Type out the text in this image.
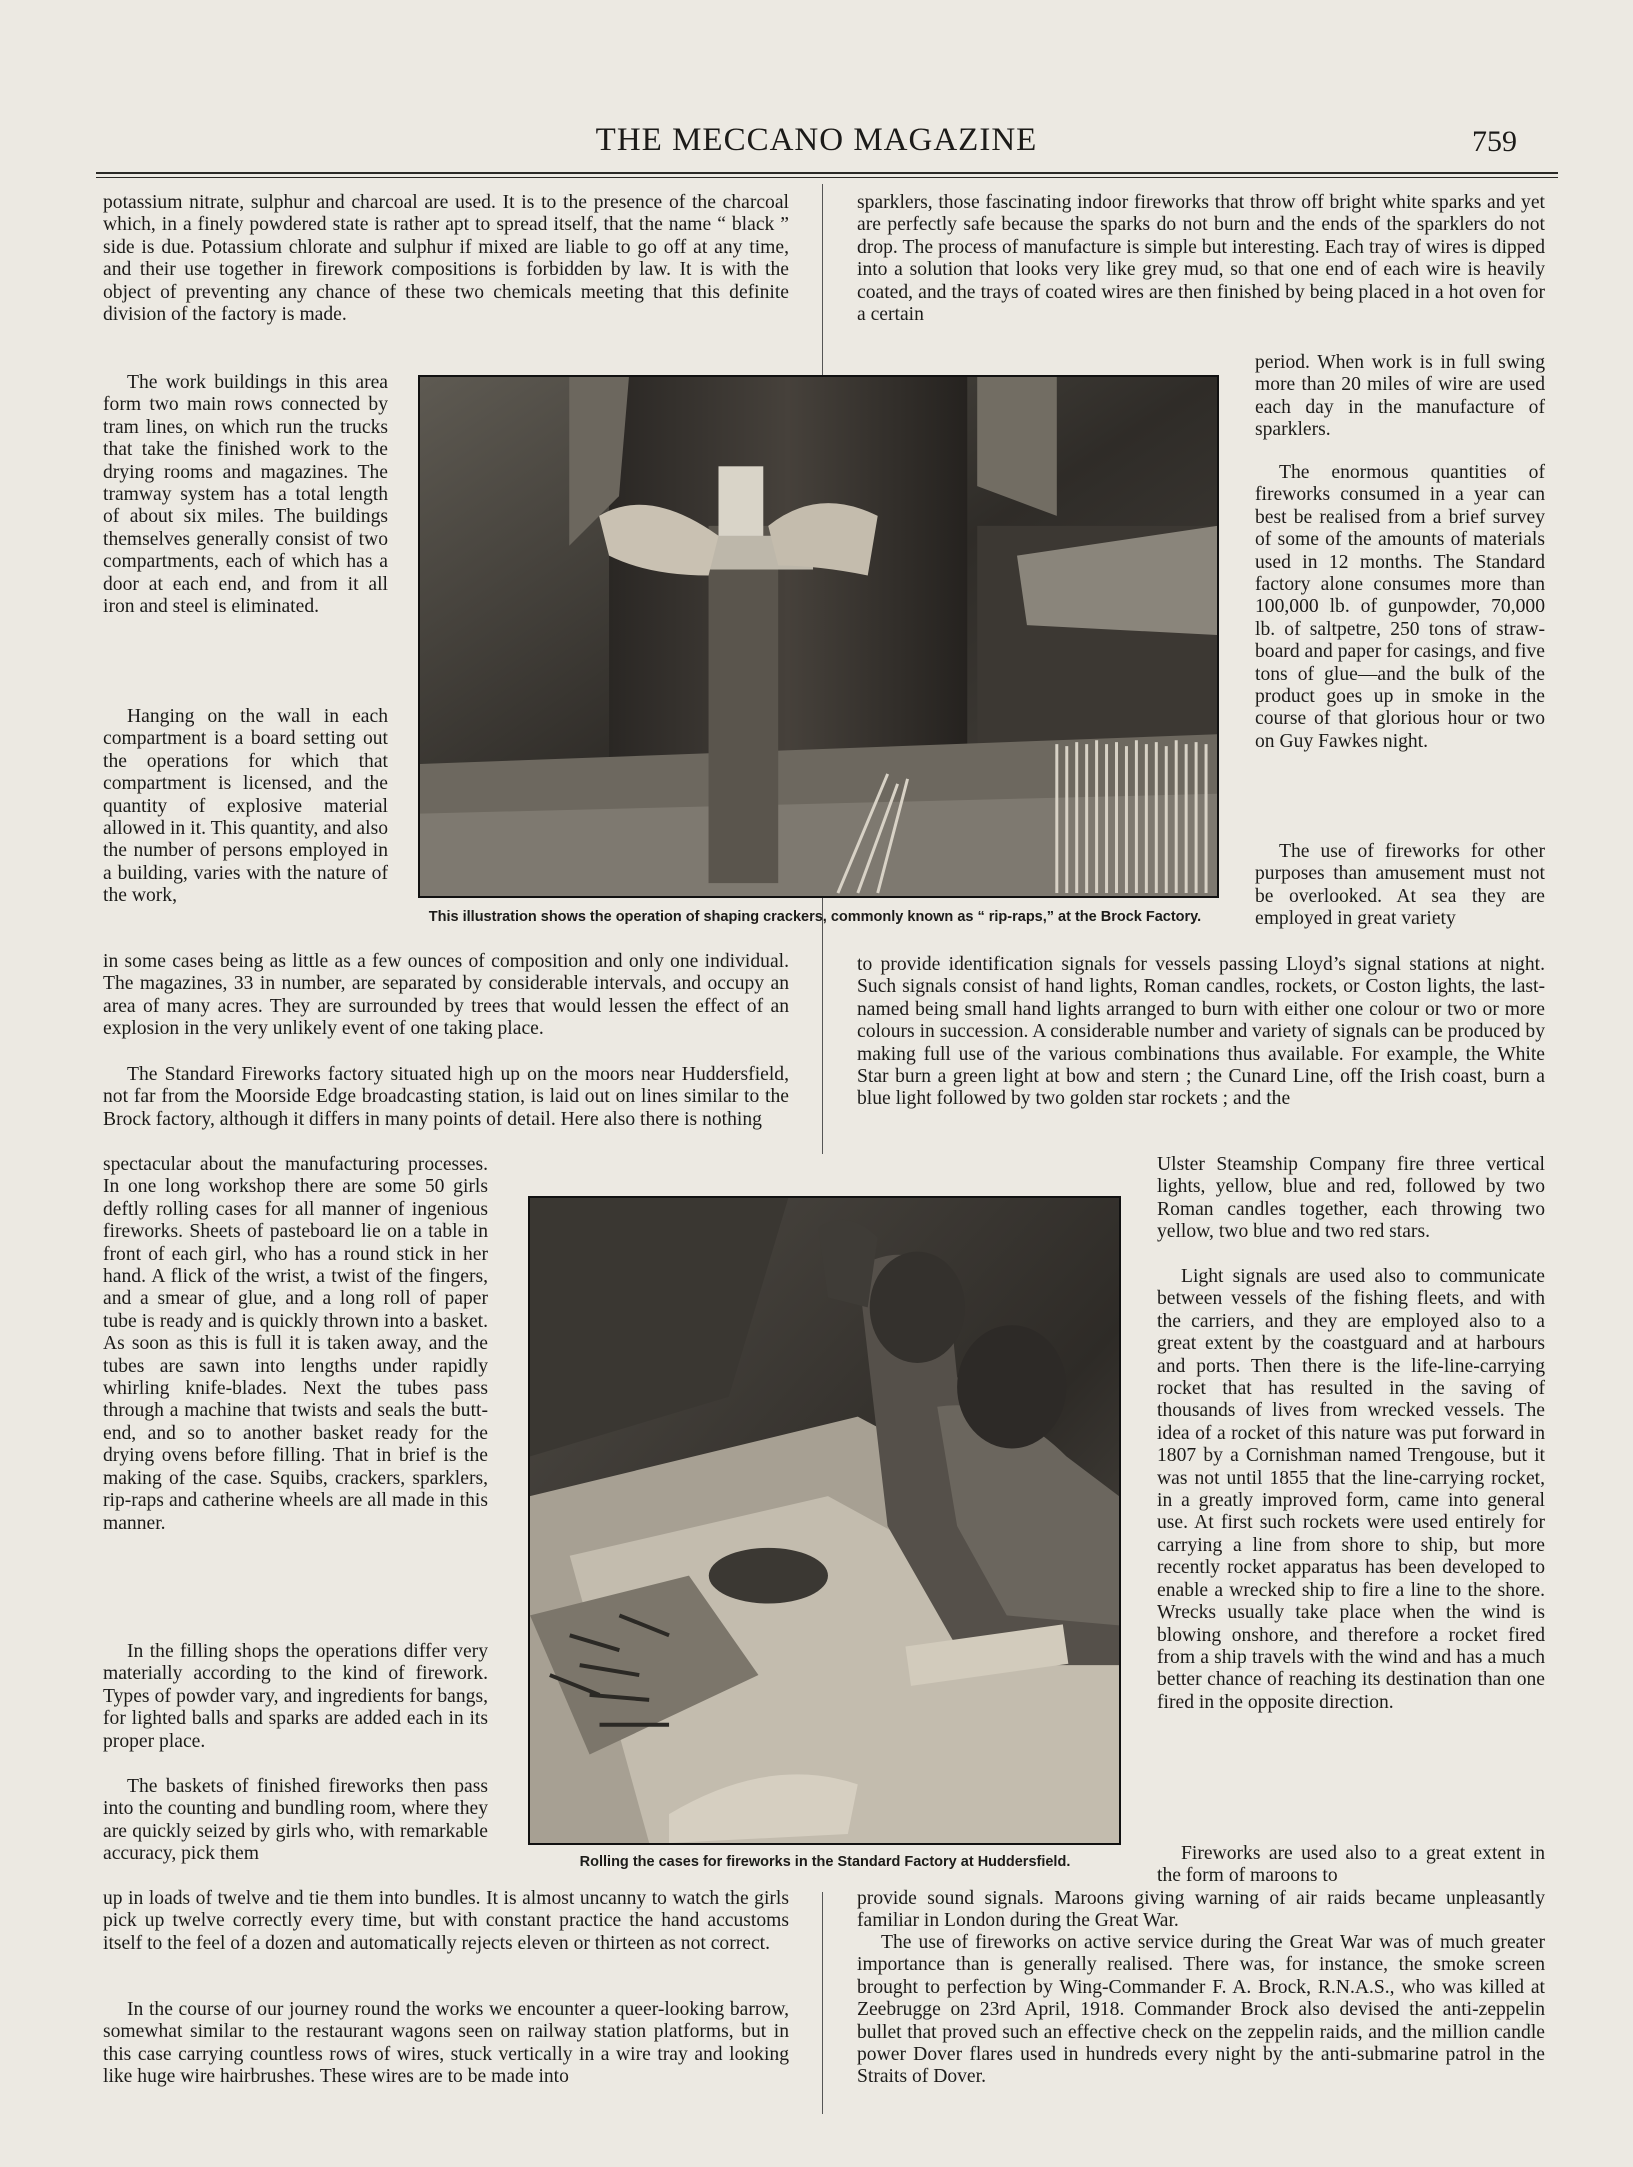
THE MECCANO MAGAZINE	759

potassium nitrate, sulphur and charcoal are used. It is to the presence of the charcoal which, in a finely powdered state is rather apt to spread itself, that the name “ black ” side is due. Potassium chlorate and sulphur if mixed are liable to go off at any time, and their use together in firework compositions is forbidden by law. It is with the object of preventing any chance of these two chemicals meeting that this definite division of the factory is made.

The work buildings in this area form two main rows connected by tram lines, on which run the trucks that take the finished work to the drying rooms and magazines. The tramway system has a total length of about six miles. The buildings themselves generally consist of two compartments, each of which has a door at each end, and from it all iron and steel is eliminated.

Hanging on the wall in each compartment is a board setting out the operations for which that compartment is licensed, and the quantity of explosive material allowed in it. This quantity, and also the number of persons employed in a building, varies with the nature of the work,

in some cases being as little as a few ounces of composition and only one individual. The magazines, 33 in number, are separated by considerable intervals, and occupy an area of many acres. They are surrounded by trees that would lessen the effect of an explosion in the very unlikely event of one taking place.

The Standard Fireworks factory situated high up on the moors near Huddersfield, not far from the Moorside Edge broadcasting station, is laid out on lines similar to the Brock factory, although it differs in many points of detail. Here also there is nothing

spectacular about the manufacturing processes. In one long workshop there are some 50 girls deftly rolling cases for all manner of ingenious fireworks. Sheets of pasteboard lie on a table in front of each girl, who has a round stick in her hand. A flick of the wrist, a twist of the fingers, and a smear of glue, and a long roll of paper tube is ready and is quickly thrown into a basket. As soon as this is full it is taken away, and the tubes are sawn into lengths under rapidly whirling knife-blades. Next the tubes pass through a machine that twists and seals the butt-end, and so to another basket ready for the drying ovens before filling. That in brief is the making of the case. Squibs, crackers, sparklers, rip-raps and catherine wheels are all made in this manner.

In the filling shops the operations differ very materially according to the kind of firework. Types of powder vary, and ingredients for bangs, for lighted balls and sparks are added each in its proper place.

The baskets of finished fireworks then pass into the counting and bundling room, where they are quickly seized by girls who, with remarkable accuracy, pick them

up in loads of twelve and tie them into bundles. It is almost uncanny to watch the girls pick up twelve correctly every time, but with constant practice the hand accustoms itself to the feel of a dozen and automatically rejects eleven or thirteen as not correct.

In the course of our journey round the works we encounter a queer-looking barrow, somewhat similar to the restaurant wagons seen on railway station platforms, but in this case carrying countless rows of wires, stuck vertically in a wire tray and looking like huge wire hairbrushes. These wires are to be made into

sparklers, those fascinating indoor fireworks that throw off bright white sparks and yet are perfectly safe because the sparks do not burn and the ends of the sparklers do not drop. The process of manufacture is simple but interesting. Each tray of wires is dipped into a solution that looks very like grey mud, so that one end of each wire is heavily coated, and the trays of coated wires are then finished by being placed in a hot oven for a certain

period. When work is in full swing more than 20 miles of wire are used each day in the manufacture of sparklers.

The enormous quantities of fireworks consumed in a year can best be realised from a brief survey of some of the amounts of materials used in 12 months. The Standard factory alone consumes more than 100,000 lb. of gunpowder, 70,000 lb. of saltpetre, 250 tons of straw-board and paper for casings, and five tons of glue—and the bulk of the product goes up in smoke in the course of that glorious hour or two on Guy Fawkes night.

The use of fireworks for other purposes than amusement must not be overlooked. At sea they are employed in great variety

to provide identification signals for vessels passing Lloyd’s signal stations at night. Such signals consist of hand lights, Roman candles, rockets, or Coston lights, the last-named being small hand lights arranged to burn with either one colour or two or more colours in succession. A considerable number and variety of signals can be produced by making full use of the various combinations thus available. For example, the White Star burn a green light at bow and stern ; the Cunard Line, off the Irish coast, burn a blue light followed by two golden star rockets ; and the

Ulster Steamship Company fire three vertical lights, yellow, blue and red, followed by two Roman candles together, each throwing two yellow, two blue and two red stars.

Light signals are used also to communicate between vessels of the fishing fleets, and with the carriers, and they are employed also to a great extent by the coastguard and at harbours and ports. Then there is the life-line-carrying rocket that has resulted in the saving of thousands of lives from wrecked vessels. The idea of a rocket of this nature was put forward in 1807 by a Cornishman named Trengouse, but it was not until 1855 that the line-carrying rocket, in a greatly improved form, came into general use. At first such rockets were used entirely for carrying a line from shore to ship, but more recently rocket apparatus has been developed to enable a wrecked ship to fire a line to the shore. Wrecks usually take place when the wind is blowing onshore, and therefore a rocket fired from a ship travels with the wind and has a much better chance of reaching its destination than one fired in the opposite direction.

Fireworks are used also to a great extent in the form of maroons to

provide sound signals. Maroons giving warning of air raids became unpleasantly familiar in London during the Great War.

The use of fireworks on active service during the Great War was of much greater importance than is generally realised. There was, for instance, the smoke screen brought to perfection by Wing-Commander F. A. Brock, R.N.A.S., who was killed at Zeebrugge on 23rd April, 1918. Commander Brock also devised the anti-zeppelin bullet that proved such an effective check on the zeppelin raids, and the million candle power Dover flares used in hundreds every night by the anti-submarine patrol in the Straits of Dover.

This illustration shows the operation of shaping crackers, commonly known as “ rip-raps,” at the Brock Factory.
Rolling the cases for fireworks in the Standard Factory at Huddersfield.
